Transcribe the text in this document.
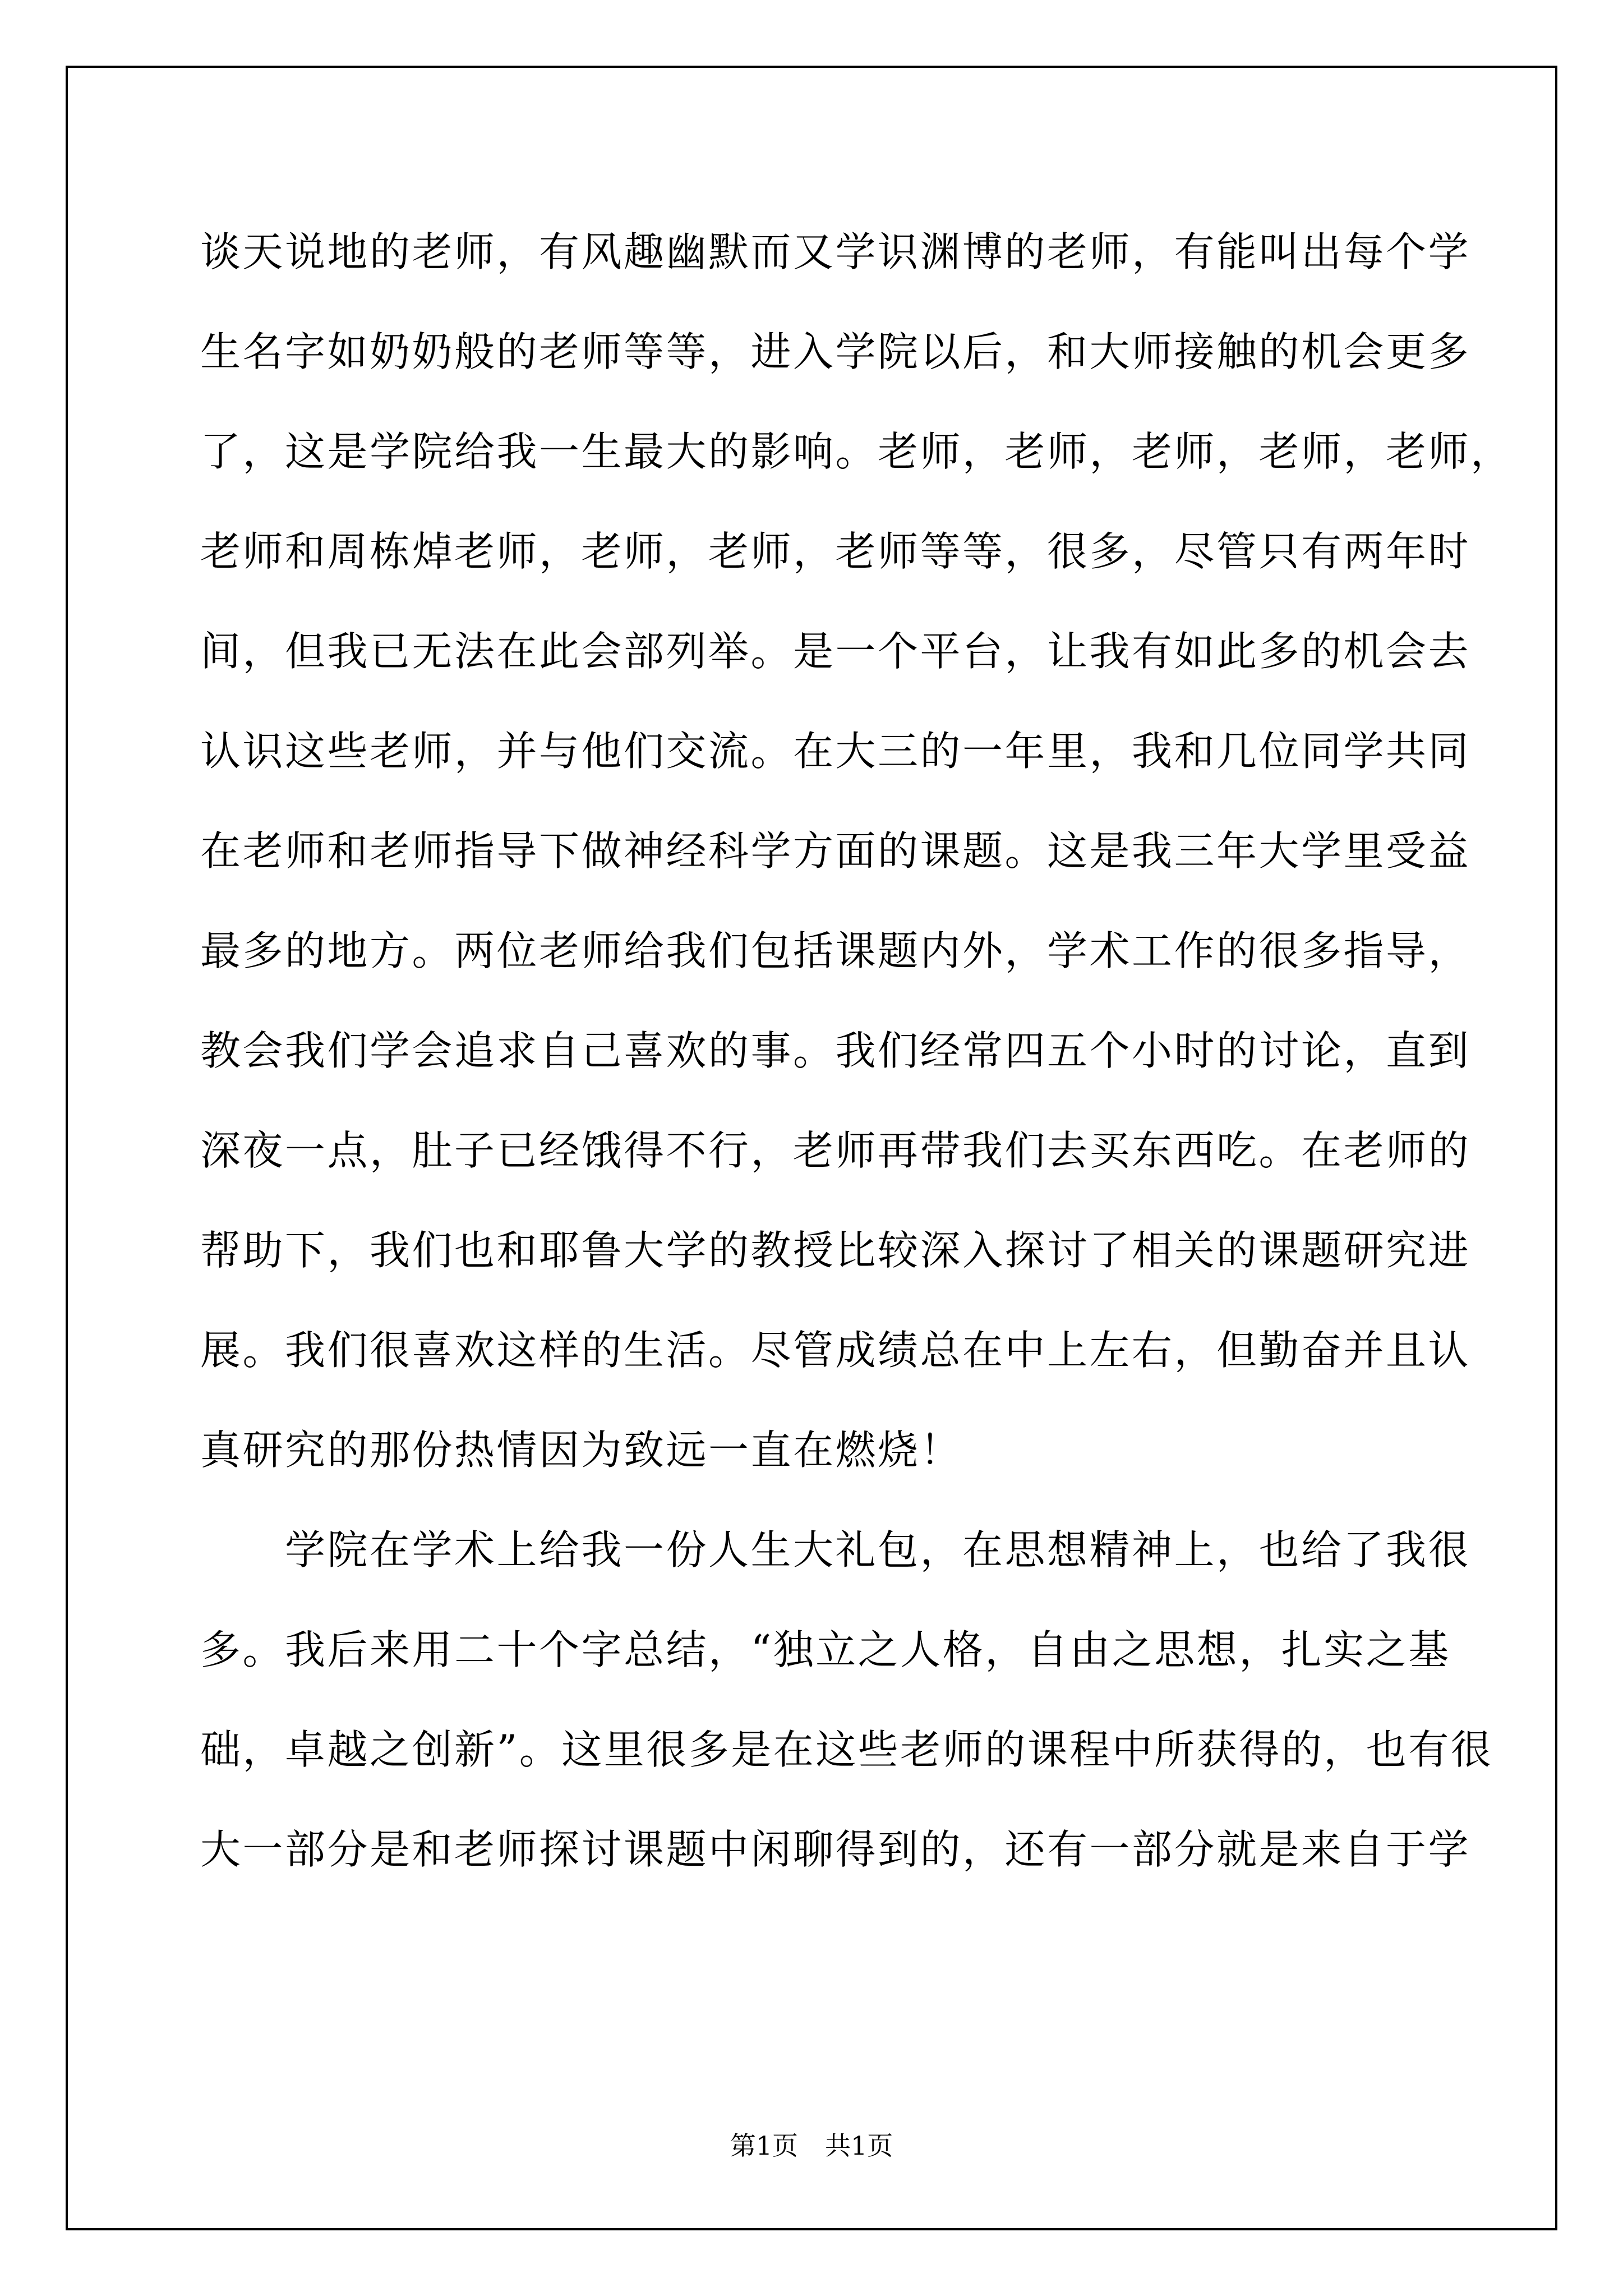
谈天说地的老师，有风趣幽默而又学识渊博的老师，有能叫出每个学
生名字如奶奶般的老师等等，进入学院以后，和大师接触的机会更多
了，这是学院给我一生最大的影响。老师，老师，老师，老师，老师，
老师和周栋焯老师，老师，老师，老师等等，很多，尽管只有两年时
间，但我已无法在此会部列举。是一个平台，让我有如此多的机会去
认识这些老师，并与他们交流。在大三的一年里，我和几位同学共同
在老师和老师指导下做神经科学方面的课题。这是我三年大学里受益
最多的地方。两位老师给我们包括课题内外，学术工作的很多指导，
教会我们学会追求自己喜欢的事。我们经常四五个小时的讨论，直到
深夜一点，肚子已经饿得不行，老师再带我们去买东西吃。在老师的
帮助下，我们也和耶鲁大学的教授比较深入探讨了相关的课题研究进
展。我们很喜欢这样的生活。尽管成绩总在中上左右，但勤奋并且认
真研究的那份热情因为致远一直在燃烧！
　　学院在学术上给我一份人生大礼包，在思想精神上，也给了我很
多。我后来用二十个字总结，“独立之人格，自由之思想，扎实之基
础，卓越之创新”。这里很多是在这些老师的课程中所获得的，也有很
大一部分是和老师探讨课题中闲聊得到的，还有一部分就是来自于学
第1页 共1页
